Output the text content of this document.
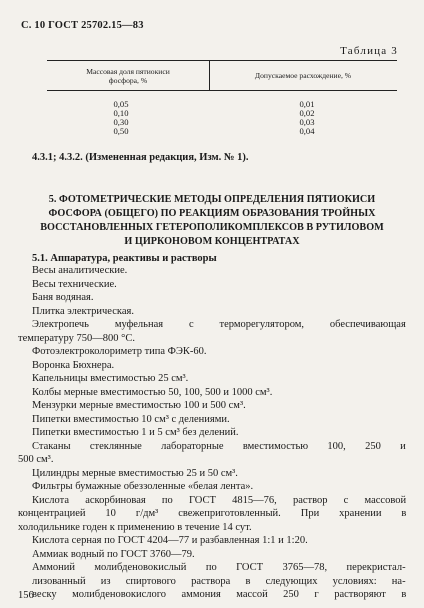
С. 10 ГОСТ 25702.15—83
Таблица 3
Массовая доля пятиокиси
фосфора, %	Допускаемое расхождение, %
0,05	0,01
0,10	0,02
0,30	0,03
0,50	0,04
4.3.1; 4.3.2. (Измененная редакция, Изм. № 1).
5. ФОТОМЕТРИЧЕСКИЕ МЕТОДЫ ОПРЕДЕЛЕНИЯ ПЯТИОКИСИ
ФОСФОРА (ОБЩЕГО) ПО РЕАКЦИЯМ ОБРАЗОВАНИЯ ТРОЙНЫХ
ВОССТАНОВЛЕННЫХ ГЕТЕРОПОЛИКОМПЛЕКСОВ В РУТИЛОВОМ
И ЦИРКОНОВОМ КОНЦЕНТРАТАХ
5.1. Аппаратура, реактивы и растворы
Весы аналитические.
Весы технические.
Баня водяная.
Плитка электрическая.
Электропечь муфельная с терморегулятором, обеспечивающая
температуру 750—800 °С.
Фотоэлектроколориметр типа ФЭК-60.
Воронка Бюхнера.
Капельницы вместимостью 25 см³.
Колбы мерные вместимостью 50, 100, 500 и 1000 см³.
Мензурки мерные вместимостью 100 и 500 см³.
Пипетки вместимостью 10 см³ с делениями.
Пипетки вместимостью 1 и 5 см³ без делений.
Стаканы стеклянные лабораторные вместимостью 100, 250 и
500 см³.
Цилиндры мерные вместимостью 25 и 50 см³.
Фильтры бумажные обеззоленные «белая лента».
Кислота аскорбиновая по ГОСТ 4815—76, раствор с массовой
концентрацией 10 г/дм³ свежеприготовленный. При хранении в
холодильнике годен к применению в течение 14 сут.
Кислота серная по ГОСТ 4204—77 и разбавленная 1:1 и 1:20.
Аммиак водный по ГОСТ 3760—79.
Аммоний молибденовокислый по ГОСТ 3765—78, перекристал-
лизованный из спиртового раствора в следующих условиях: на-
веску молибденовокислого аммония массой 250 г растворяют в
156
